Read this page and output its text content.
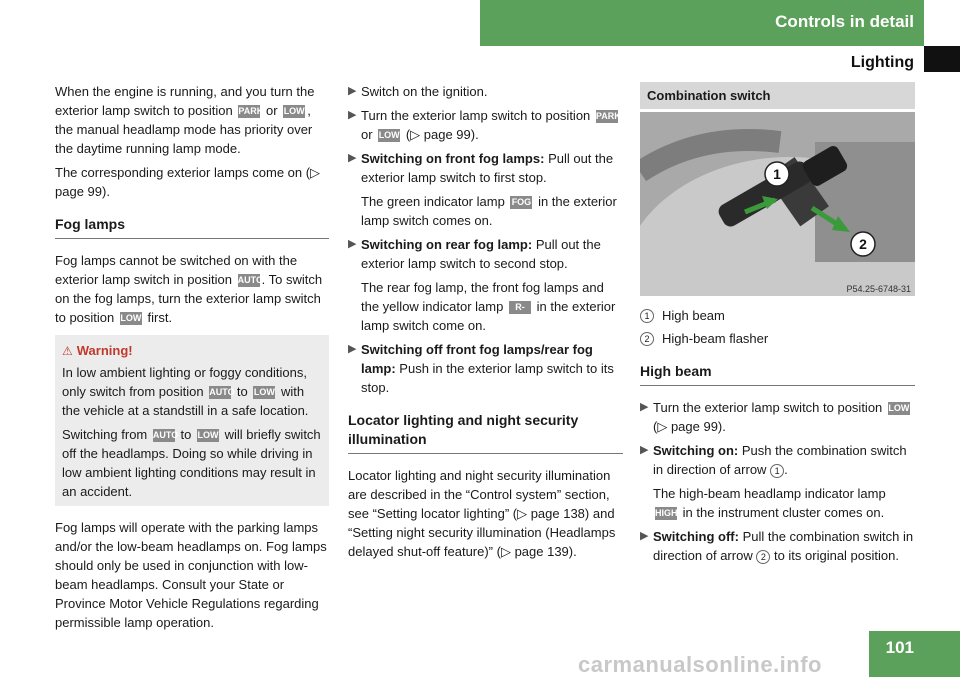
Controls in detail
Lighting

When the engine is running, and you turn the exterior lamp switch to position PARK or LOW , the manual headlamp mode has priority over the daytime running lamp mode.

The corresponding exterior lamps come on (▷ page 99).

Fog lamps

Fog lamps cannot be switched on with the exterior lamp switch in position AUTO. To switch on the fog lamps, turn the exterior lamp switch to position LOW first.

⚠ Warning!

In low ambient lighting or foggy conditions, only switch from position AUTO to LOW with the vehicle at a standstill in a safe location.

Switching from AUTO to LOW will briefly switch off the headlamps. Doing so while driving in low ambient lighting conditions may result in an accident.

Fog lamps will operate with the parking lamps and/or the low-beam headlamps on. Fog lamps should only be used in conjunction with low-beam headlamps. Consult your State or Province Motor Vehicle Regulations regarding permissible lamp operation.

▶ Switch on the ignition.
▶ Turn the exterior lamp switch to position PARK or LOW (▷ page 99).
▶ Switching on front fog lamps: Pull out the exterior lamp switch to first stop.
The green indicator lamp FOG in the exterior lamp switch comes on.
▶ Switching on rear fog lamp: Pull out the exterior lamp switch to second stop.
The rear fog lamp, the front fog lamps and the yellow indicator lamp R-FOG in the exterior lamp switch come on.
▶ Switching off front fog lamps/rear fog lamp: Push in the exterior lamp switch to its stop.
Locator lighting and night security illumination

Locator lighting and night security illumination are described in the “Control system” section, see “Setting locator lighting” (▷ page 138) and “Setting night security illumination (Headlamps delayed shut-off feature)” (▷ page 139).

Combination switch
1
2
P54.25-6748-31
1 High beam
2 High-beam flasher
High beam
▶ Turn the exterior lamp switch to position LOW (▷ page 99).
▶ Switching on: Push the combination switch in direction of arrow 1 .
The high-beam headlamp indicator lamp HIGH in the instrument cluster comes on.
▶ Switching off: Pull the combination switch in direction of arrow 2 to its original position.
101
carmanualsonline.info
